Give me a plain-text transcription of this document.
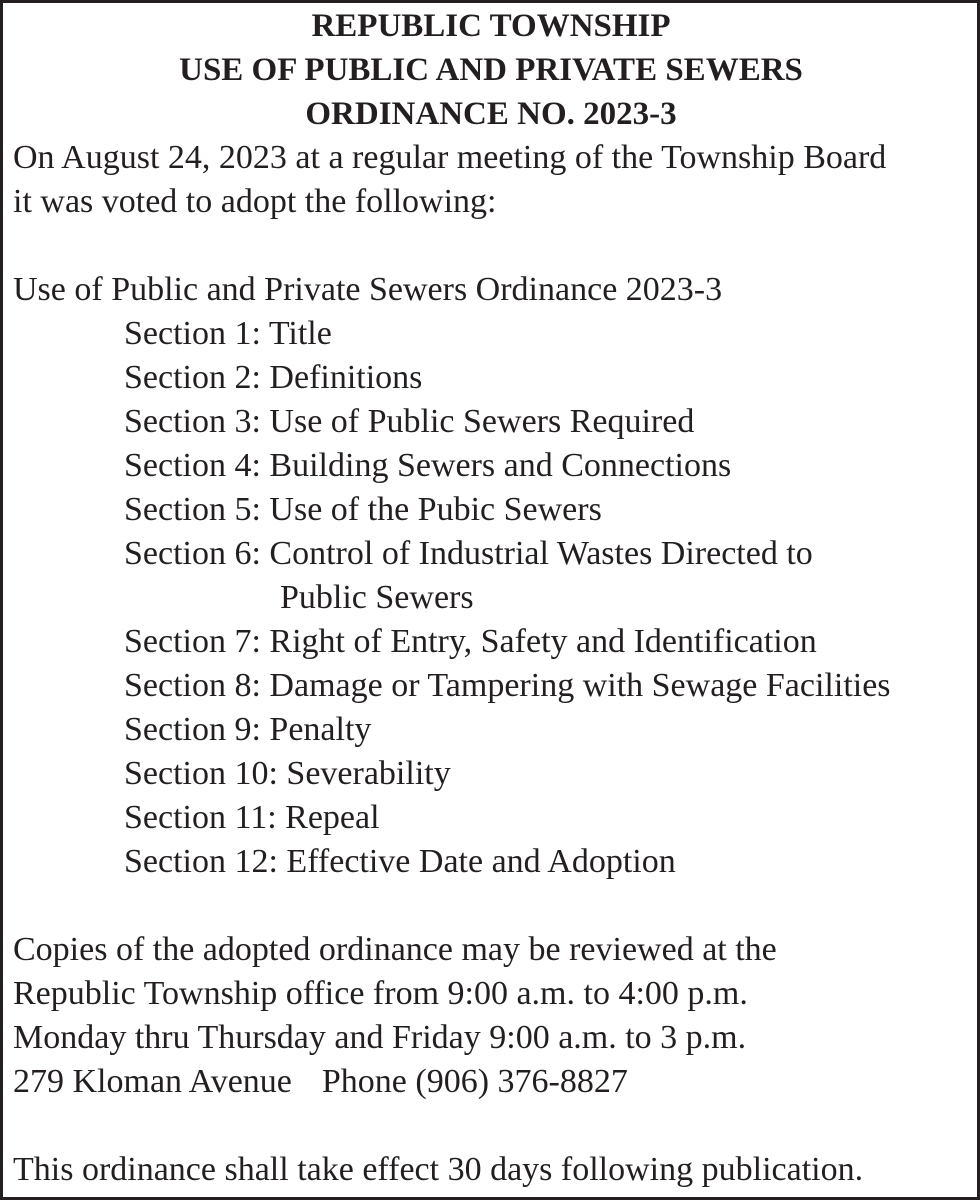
REPUBLIC TOWNSHIP
USE OF PUBLIC AND PRIVATE SEWERS
ORDINANCE NO. 2023-3
On August 24, 2023 at a regular meeting of the Township Board
it was voted to adopt the following:
Use of Public and Private Sewers Ordinance 2023-3
Section 1: Title
Section 2: Definitions
Section 3: Use of Public Sewers Required
Section 4: Building Sewers and Connections
Section 5: Use of the Pubic Sewers
Section 6: Control of Industrial Wastes Directed to
Public Sewers
Section 7: Right of Entry, Safety and Identification
Section 8: Damage or Tampering with Sewage Facilities
Section 9: Penalty
Section 10: Severability
Section 11: Repeal
Section 12: Effective Date and Adoption
Copies of the adopted ordinance may be reviewed at the
Republic Township office from 9:00 a.m. to 4:00 p.m.
Monday thru Thursday and Friday 9:00 a.m. to 3 p.m.
279 Kloman Avenue Phone (906) 376-8827
This ordinance shall take effect 30 days following publication.
